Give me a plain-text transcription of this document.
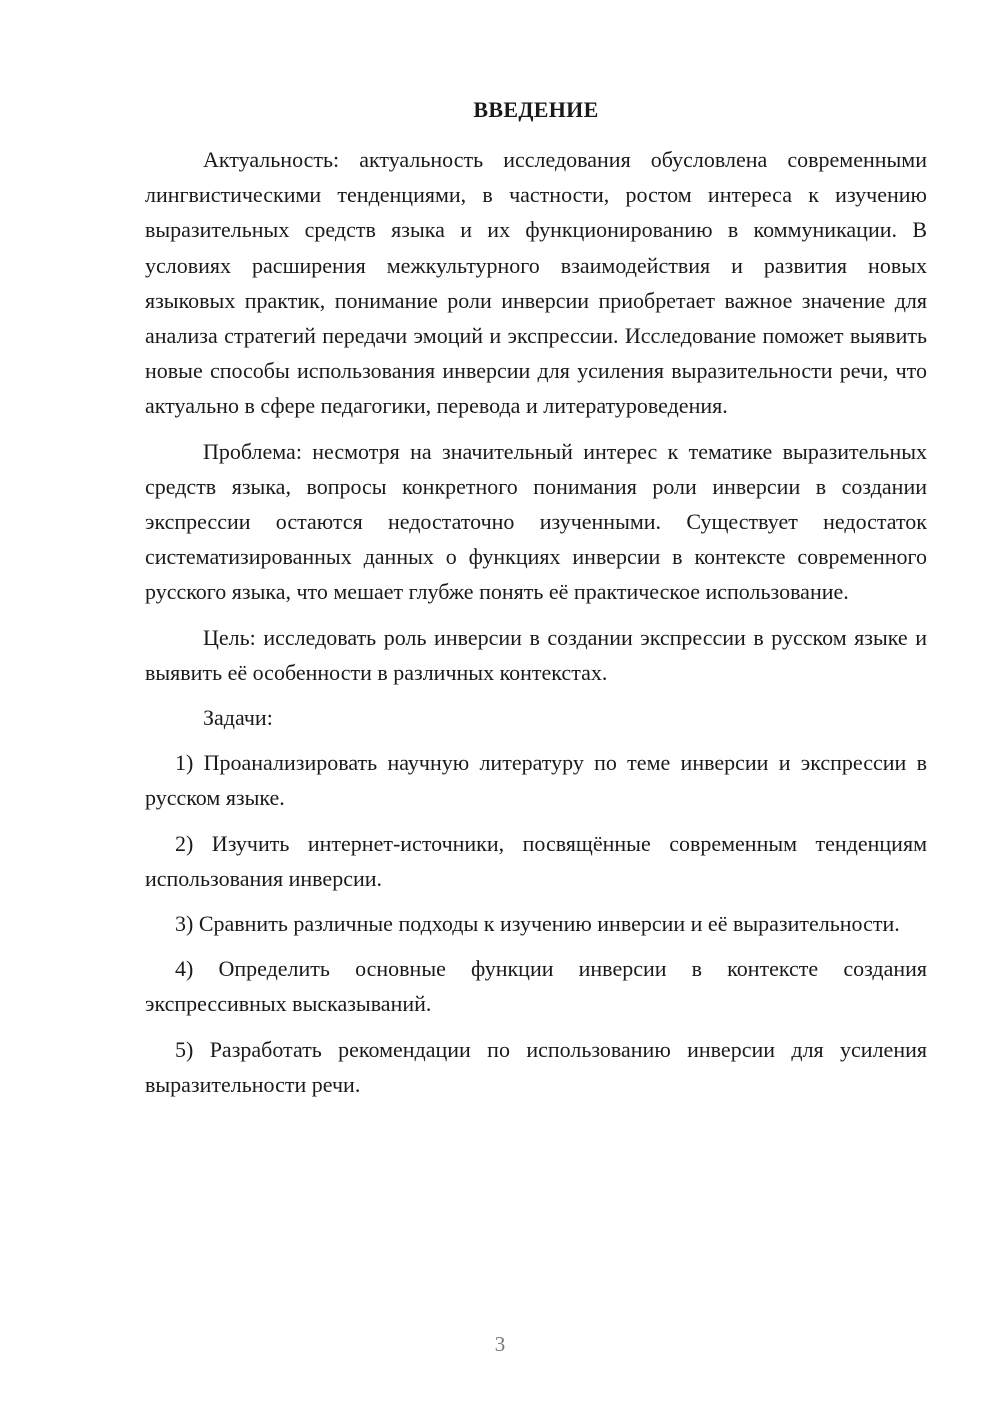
ВВЕДЕНИЕ

Актуальность: актуальность исследования обусловлена современными лингвистическими тенденциями, в частности, ростом интереса к изучению выразительных средств языка и их функционированию в коммуникации. В условиях расширения межкультурного взаимодействия и развития новых языковых практик, понимание роли инверсии приобретает важное значение для анализа стратегий передачи эмоций и экспрессии. Исследование поможет выявить новые способы использования инверсии для усиления выразительности речи, что актуально в сфере педагогики, перевода и литературоведения.

Проблема: несмотря на значительный интерес к тематике выразительных средств языка, вопросы конкретного понимания роли инверсии в создании экспрессии остаются недостаточно изученными. Существует недостаток систематизированных данных о функциях инверсии в контексте современного русского языка, что мешает глубже понять её практическое использование.

Цель: исследовать роль инверсии в создании экспрессии в русском языке и выявить её особенности в различных контекстах.

Задачи:

1) Проанализировать научную литературу по теме инверсии и экспрессии в русском языке.

2) Изучить интернет-источники, посвящённые современным тенденциям использования инверсии.

3) Сравнить различные подходы к изучению инверсии и её выразительности.

4) Определить основные функции инверсии в контексте создания экспрессивных высказываний.

5) Разработать рекомендации по использованию инверсии для усиления выразительности речи.

3
